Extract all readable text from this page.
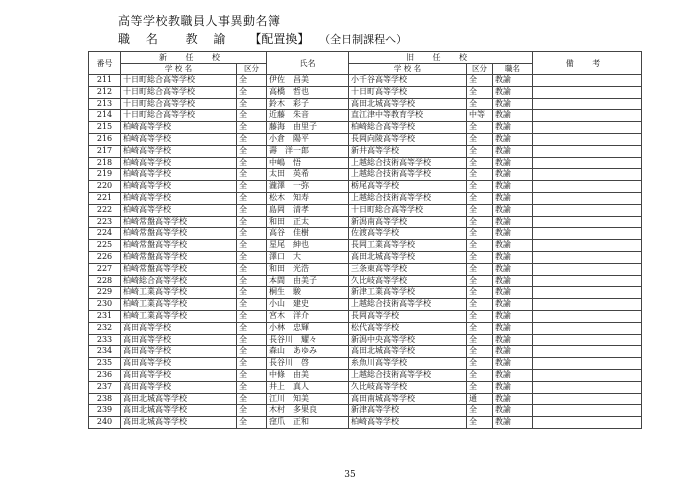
高等学校教職員人事異動名簿
職 名 教 諭 【配置換】 （全日制課程へ）
番号	新 任 校		氏名	旧 任 校			備 考
	学 校 名	区分		学 校 名	区分	職名	
211	十日町総合高等学校	全	伊佐　昌美	小千谷高等学校	全	教諭	
212	十日町総合高等学校	全	高橋　哲也	十日町高等学校	全	教諭	
213	十日町総合高等学校	全	鈴木　彩子	高田北城高等学校	全	教諭	
214	十日町総合高等学校	全	近藤　朱音	直江津中等教育学校	中等	教諭	
215	柏崎高等学校	全	藤海　由里子	柏崎総合高等学校	全	教諭	
216	柏崎高等学校	全	小倉　陽平	長岡向陵高等学校	全	教諭	
217	柏崎高等学校	全	壽　洋一郎	新井高等学校	全	教諭	
218	柏崎高等学校	全	中嶋　悟	上越総合技術高等学校	全	教諭	
219	柏崎高等学校	全	太田　英希	上越総合技術高等学校	全	教諭	
220	柏崎高等学校	全	瀧澤　一弥	栃尾高等学校	全	教諭	
221	柏崎高等学校	全	松木　知寿	上越総合技術高等学校	全	教諭	
222	柏崎高等学校	全	島岡　清孝	十日町総合高等学校	全	教諭	
223	柏崎常盤高等学校	全	和田　正太	新潟南高等学校	全	教諭	
224	柏崎常盤高等学校	全	高谷　佳樹	佐渡高等学校	全	教諭	
225	柏崎常盤高等学校	全	星尾　紳也	長岡工業高等学校	全	教諭	
226	柏崎常盤高等学校	全	澤口　大	高田北城高等学校	全	教諭	
227	柏崎常盤高等学校	全	和田　光浩	三条東高等学校	全	教諭	
228	柏崎総合高等学校	全	本間　由美子	久比岐高等学校	全	教諭	
229	柏崎工業高等学校	全	桐生　駿	新津工業高等学校	全	教諭	
230	柏崎工業高等学校	全	小山　建史	上越総合技術高等学校	全	教諭	
231	柏崎工業高等学校	全	宮木　洋介	長岡高等学校	全	教諭	
232	高田高等学校	全	小林　忠輝	松代高等学校	全	教諭	
233	高田高等学校	全	長谷川　耀々	新潟中央高等学校	全	教諭	
234	高田高等学校	全	森山　あゆみ	高田北城高等学校	全	教諭	
235	高田高等学校	全	長谷川　啓	糸魚川高等学校	全	教諭	
236	高田高等学校	全	中條　由美	上越総合技術高等学校	全	教諭	
237	高田高等学校	全	井上　真人	久比岐高等学校	全	教諭	
238	高田北城高等学校	全	江川　知美	高田南城高等学校	通	教諭	
239	高田北城高等学校	全	木村　多果良	新津高等学校	全	教諭	
240	高田北城高等学校	全	窪爪　正和	柏崎高等学校	全	教諭	
35
